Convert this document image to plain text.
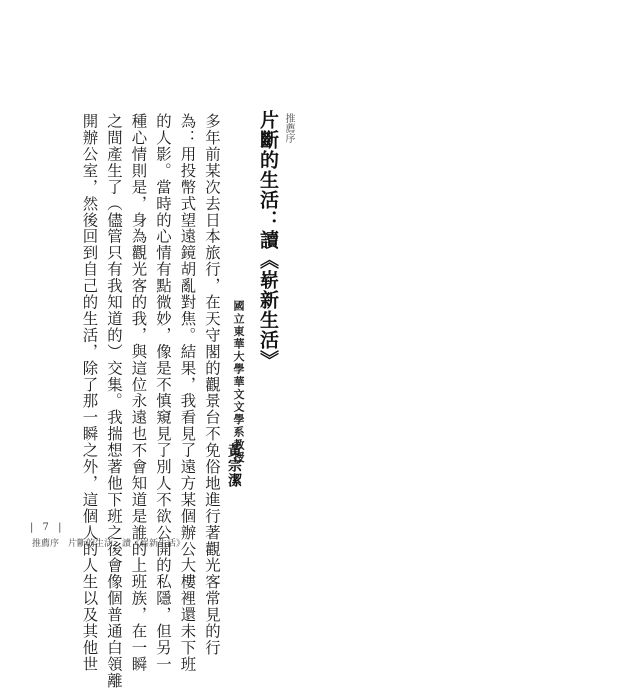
推薦序
片斷的生活：讀《崭新生活》
國立東華大學華文文學系教授
黃宗潔
多年前某次去日本旅行，在天守閣的觀景台不免俗地進行著觀光客常見的行
為：用投幣式望遠鏡胡亂對焦。結果，我看見了遠方某個辦公大樓裡還未下班
的人影。當時的心情有點微妙，像是不慎窺見了別人不欲公開的私隱，但另一
種心情則是，身為觀光客的我，與這位永遠也不會知道是誰的上班族，在一瞬
之間產生了（儘管只有我知道的）交集。我揣想著他下班之後會像個普通白領離
開辦公室，然後回到自己的生活，除了那一瞬之外，這個人的人生以及其他世
| 7 |
推薦序　片斷的生活：讀《崭新生活》
